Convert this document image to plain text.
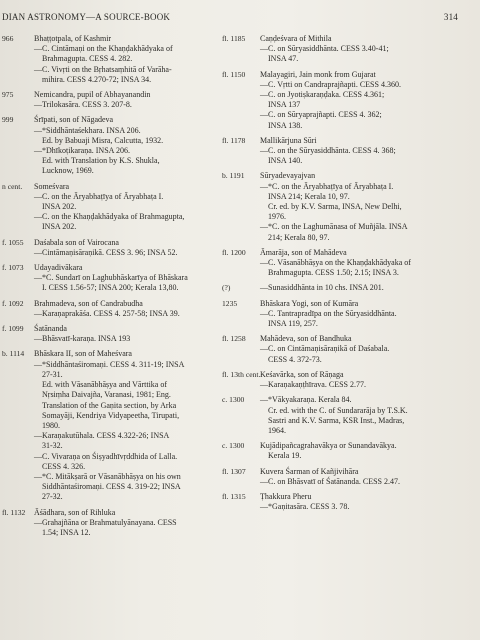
DIAN ASTRONOMY—A SOURCE-BOOK	314
966	Bhaṭṭotpala, of Kashmir

—C. Cintāmaṇi on the Khaṇḍakhādyaka of

Brahmagupta. CESS 4. 282.

—C. Vivṛti on the Bṛhatsaṃhitā of Varāha-

mihira. CESS 4.270-72; INSA 34.

975	Nemicandra, pupil of Abhayanandin

—Trilokasāra. CESS 3. 207-8.

999	Śrīpati, son of Nāgadeva

—*Siddhāntaśekhara. INSA 206.

Ed. by Babuaji Misra, Calcutta, 1932.

—*Dhīkoṭikaraṇa. INSA 206.

Ed. with Translation by K.S. Shukla,

Lucknow, 1969.

n cent.	Someśvara

—C. on the Āryabhaṭīya of Āryabhaṭa I.

INSA 202.

—C. on the Khaṇḍakhādyaka of Brahmagupta,

INSA 202.

f. 1055	Daśabala son of Vairocana

—Cintāmaṇisāraṇikā. CESS 3. 96; INSA 52.

f. 1073	Udayadivākara

—*C. Sundarī on Laghubhāskarīya of Bhāskara

I. CESS 1.56-57; INSA 200; Kerala 13,80.

f. 1092	Brahmadeva, son of Candrabudha

—Karaṇaprakāśa. CESS 4. 257-58; INSA 39.

f. 1099	Śatānanda

—Bhāsvatī-karaṇa. INSA 193

b. 1114	Bhāskara II, son of Maheśvara

—*Siddhāntaśiromaṇi. CESS 4. 311-19; INSA

27-31.

Ed. with Vāsanābhāṣya and Vārttika of

Nṛsiṃha Daivajña, Varanasi, 1981; Eng.

Translation of the Gaṇita section, by Arka

Somayāji, Kendriya Vidyapeetha, Tirupati,

1980.

—Karaṇakutūhala. CESS 4.322-26; INSA

31-32.

—C. Vivaraṇa on Śiṣyadhīvṛddhida of Lalla.

CESS 4. 326.

—*C. Mitākṣarā or Vāsanābhāṣya on his own

Siddhāntaśiromaṇi. CESS 4. 319-22; INSA

27-32.

fl. 1132	Āśādhara, son of Rihluka

—Grahajñāna or Brahmatulyānayana. CESS

1.54; INSA 12.

fl. 1185	Caṇḍeśvara of Mithila

—C. on Sūryasiddhānta. CESS 3.40-41;

INSA 47.

fl. 1150	Malayagiri, Jain monk from Gujarat

—C. Vṛtti on Candraprajñapti. CESS 4.360.

—C. on Jyotiṣkaraṇḍaka. CESS 4.361;

INSA 137

—C. on Sūryaprajñapti. CESS 4. 362;

INSA 138.

fl. 1178	Mallikārjuna Sūri

—C. on the Sūryasiddhānta. CESS 4. 368;

INSA 140.

b. 1191	Sūryadevayajvan

—*C. on the Āryabhaṭīya of Āryabhaṭa I.

INSA 214; Kerala 10, 97.

Cr. ed. by K.V. Sarma, INSA, New Delhi,

1976.

—*C. on the Laghumānasa of Muñjāla. INSA

214; Kerala 80, 97.

fl. 1200	Āmarāja, son of Mahādeva

—C. Vāsanābhāṣya on the Khaṇḍakhādyaka of

Brahmagupta. CESS 1.50; 2.15; INSA 3.

(?)	—Sunasiddhānta in 10 chs. INSA 201.

1235	Bhāskara Yogi, son of Kumāra

—C. Tantrapradīpa on the Sūryasiddhānta.

INSA 119, 257.

fl. 1258	Mahādeva, son of Bandhuka

—C. on Cintāmaṇisāraṇikā of Daśabala.

CESS 4. 372-73.

fl. 13th cent. Keśavārka, son of Rāṇaga

—Karaṇakaṇṭhīrava. CESS 2.77.

c. 1300	—*Vākyakaraṇa. Kerala 84.

Cr. ed. with the C. of Sundararāja by T.S.K.

Sastri and K.V. Sarma, KSR Inst., Madras,

1964.

c. 1300	Kujādipañcagrahavākya or Sunandavākya.

Kerala 19.

fl. 1307	Kuvera Śarman of Kañjivihāra

—C. on Bhāsvatī of Śatānanda. CESS 2.47.

fl. 1315	Ṭhakkura Pheru

—*Gaṇitasāra. CESS 3. 78.
